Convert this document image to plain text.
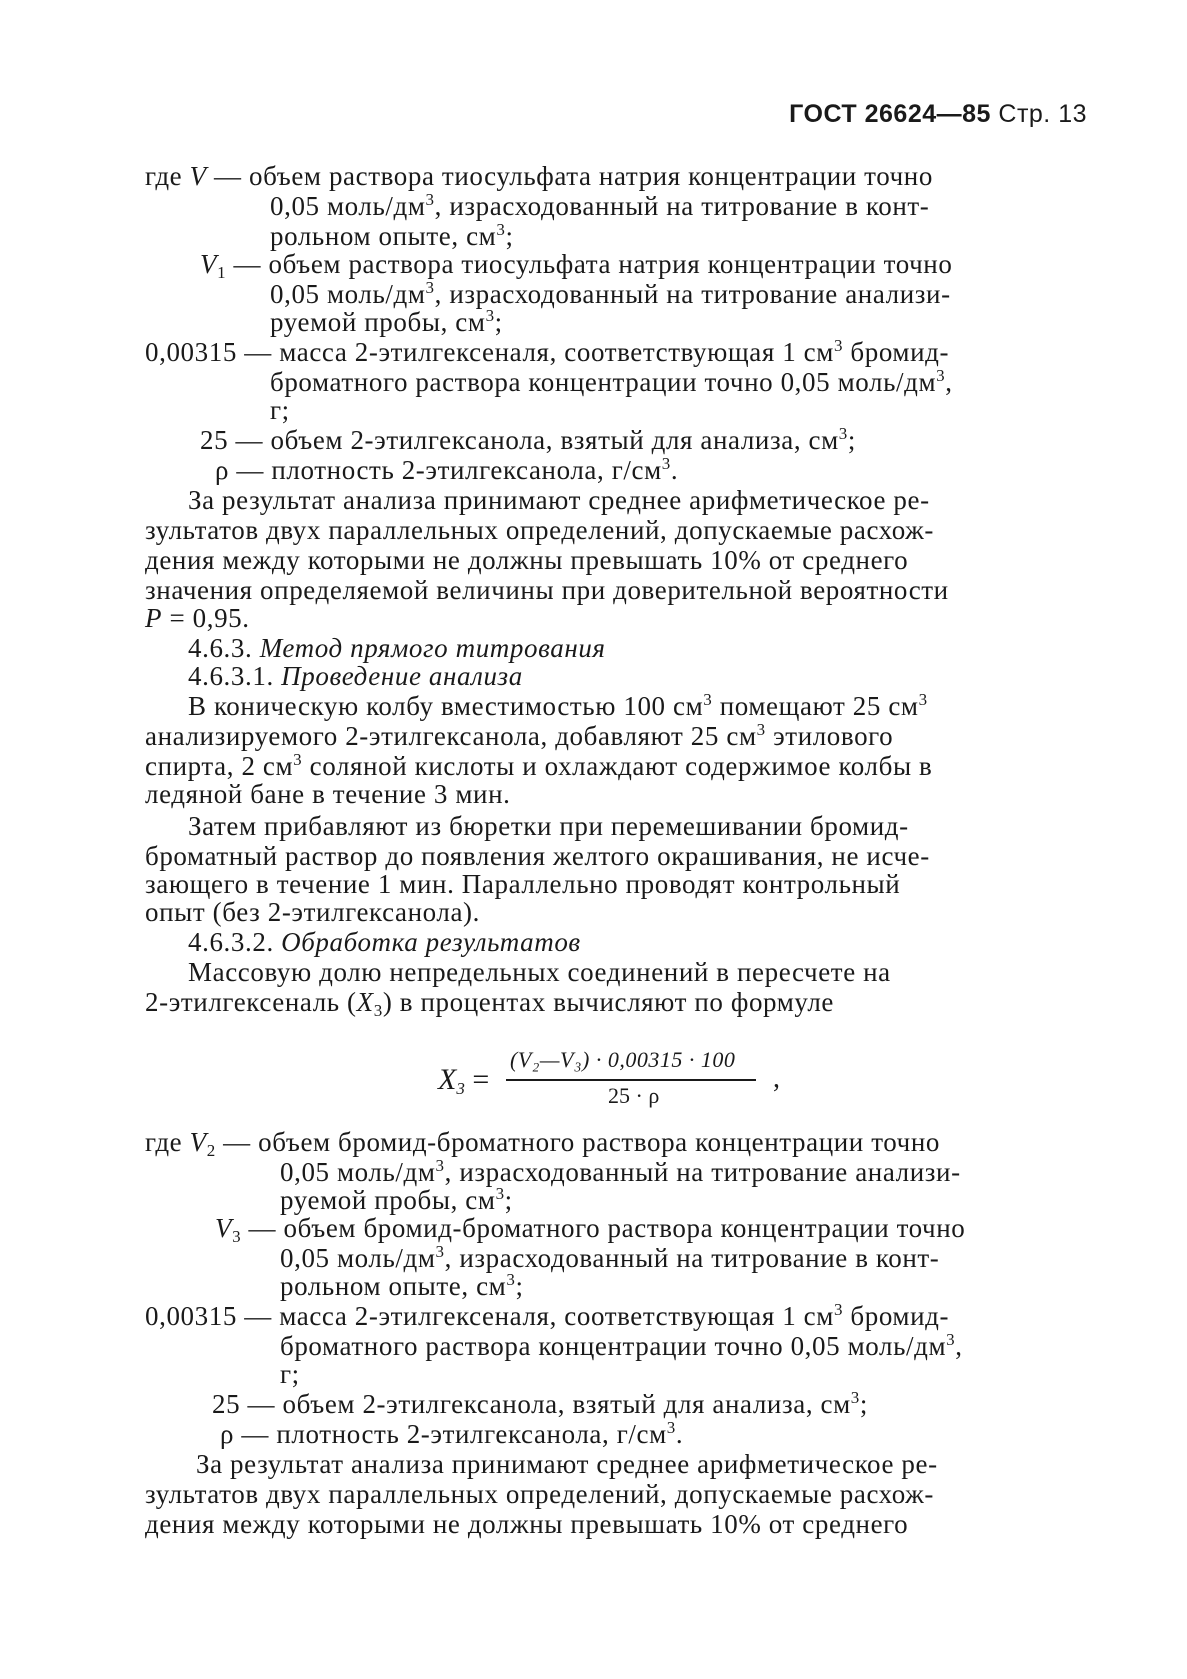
ГОСТ 26624—85 Стр. 13
где V — объем раствора тиосульфата натрия концентрации точно
0,05 моль/$дм^3$, израсходованный на титрование в конт-
рольном опыте, $см^3$;
$V_1$ — объем раствора тиосульфата натрия концентрации точно
0,05 моль/$дм^3$, израсходованный на титрование анализи-
руемой пробы, $см^3$;
0,00315 — масса 2-этилгексеналя, соответствующая 1 $см^3$ бромид-
броматного раствора концентрации точно 0,05 моль/$дм^3$,
г;
25 — объем 2-этилгексанола, взятый для анализа, $см^3$;
ρ — плотность 2-этилгексанола, $г/см^3$.
За результат анализа принимают среднее арифметическое ре-
зультатов двух параллельных определений, допускаемые расхож-
дения между которыми не должны превышать 10% от среднего
значения определяемой величины при доверительной вероятности
P = 0,95.
4.6.3. Метод прямого титрования
4.6.3.1. Проведение анализа
В коническую колбу вместимостью 100 $см^3$ помещают 25 $см^3$
анализируемого 2-этилгексанола, добавляют 25 $см^3$ этилового
спирта, 2 $см^3$ соляной кислоты и охлаждают содержимое колбы в
ледяной бане в течение 3 мин.
Затем прибавляют из бюретки при перемешивании бромид-
броматный раствор до появления желтого окрашивания, не исче-
зающего в течение 1 мин. Параллельно проводят контрольный
опыт (без 2-этилгексанола).
4.6.3.2. Обработка результатов
Массовую долю непредельных соединений в пересчете на
2-этилгексеналь $(X_3)$ в процентах вычисляют по формуле
$X_3$ =
(V₂—V₃) · 0,00315 · 100
25 · ρ
,
где $V_2$ — объем бромид-броматного раствора концентрации точно
0,05 моль/$дм^3$, израсходованный на титрование анализи-
руемой пробы, $см^3$;
$V_3$ — объем бромид-броматного раствора концентрации точно
0,05 моль/$дм^3$, израсходованный на титрование в конт-
рольном опыте, $см^3$;
0,00315 — масса 2-этилгексеналя, соответствующая 1 $см^3$ бромид-
броматного раствора концентрации точно 0,05 моль/$дм^3$,
г;
25 — объем 2-этилгексанола, взятый для анализа, $см^3$;
ρ — плотность 2-этилгексанола, $г/см^3$.
За результат анализа принимают среднее арифметическое ре-
зультатов двух параллельных определений, допускаемые расхож-
дения между которыми не должны превышать 10% от среднего
